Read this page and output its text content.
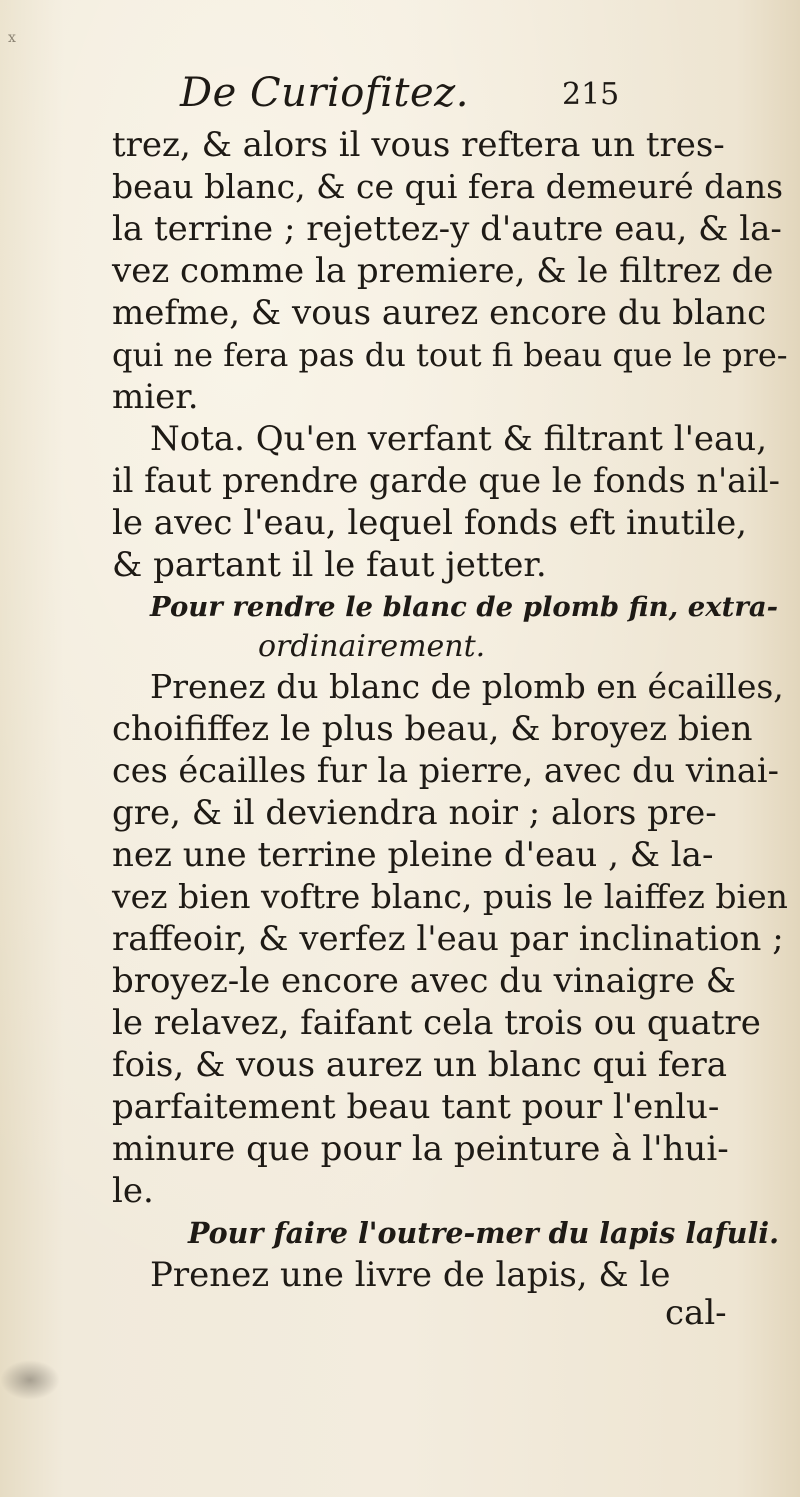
x
De Curiofitez.	215

trez, & alors il vous reftera un tres-

beau blanc, & ce qui fera demeuré dans

la terrine ; rejettez-y d'autre eau, & la-

vez comme la premiere, & le filtrez de

mefme, & vous aurez encore du blanc

qui ne fera pas du tout fi beau que le pre-

mier.

Nota. Qu'en verfant & filtrant l'eau,

il faut prendre garde que le fonds n'ail-

le avec l'eau, lequel fonds eft inutile,

& partant il le faut jetter.

Pour rendre le blanc de plomb fin, extra-

ordinairement.

Prenez du blanc de plomb en écailles,

choififfez le plus beau, & broyez bien

ces écailles fur la pierre, avec du vinai-

gre, & il deviendra noir ; alors pre-

nez une terrine pleine d'eau , & la-

vez bien voftre blanc, puis le laiffez bien

raffeoir, & verfez l'eau par inclination ;

broyez-le encore avec du vinaigre &

le relavez, faifant cela trois ou quatre

fois, & vous aurez un blanc qui fera

parfaitement beau tant pour l'enlu-

minure que pour la peinture à l'hui-

le.

Pour faire l'outre-mer du lapis lafuli.

Prenez une livre de lapis, & le

cal-
